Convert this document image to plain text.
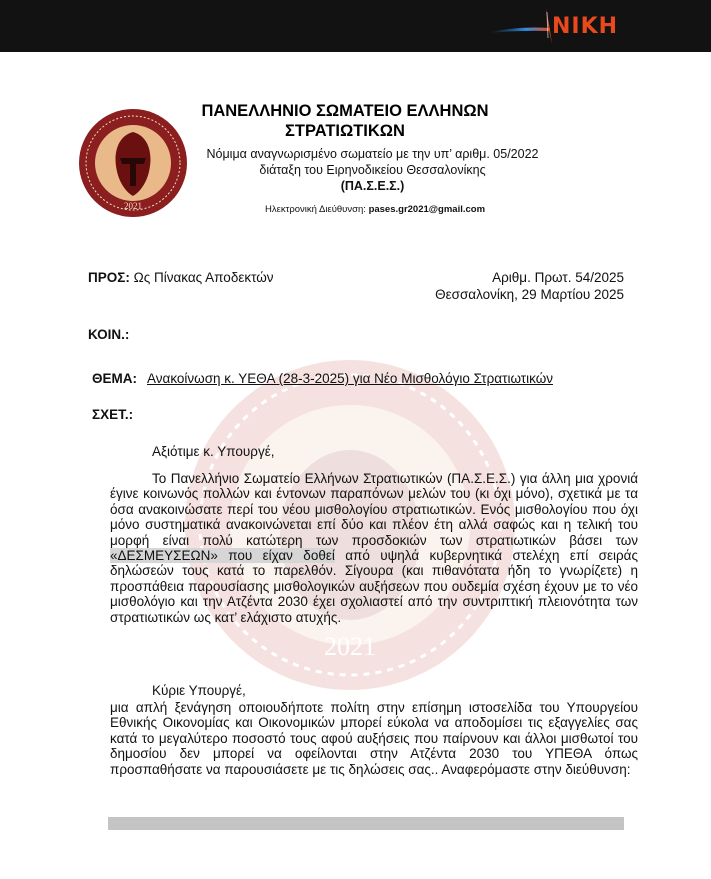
NIKH
2021
2021
ΠΑΝΕΛΛΗΝΙΟ ΣΩΜΑΤΕΙΟ ΕΛΛΗΝΩΝ ΣΤΡΑΤΙΩΤΙΚΩΝ
Νόμιμα αναγνωρισμένο σωματείο με την υπ’ αριθμ. 05/2022
διάταξη του Ειρηνοδικείου Θεσσαλονίκης
(ΠΑ.Σ.Ε.Σ.)
Ηλεκτρονική Διεύθυνση: pases.gr2021@gmail.com
ΠΡΟΣ: Ως Πίνακας Αποδεκτών	Αριθμ. Πρωτ. 54/2025
Θεσσαλονίκη, 29 Μαρτίου 2025
ΚΟΙΝ.:
ΘΕΜΑ: Ανακοίνωση κ. ΥΕΘΑ (28-3-2025) για Νέο Μισθολόγιο Στρατιωτικών
ΣΧΕΤ.:
Αξιότιμε κ. Υπουργέ,
Το Πανελλήνιο Σωματείο Ελλήνων Στρατιωτικών (ΠΑ.Σ.Ε.Σ.) για άλλη μια χρονιά έγινε κοινωνός πολλών και έντονων παραπόνων μελών του (κι όχι μόνο), σχετικά με τα όσα ανακοινώσατε περί του νέου μισθολογίου στρατιωτικών. Ενός μισθολογίου που όχι μόνο συστηματικά ανακοινώνεται επί δύο και πλέον έτη αλλά σαφώς και η τελική του μορφή είναι πολύ κατώτερη των προσδοκιών των στρατιωτικών βάσει των «ΔΕΣΜΕΥΣΕΩΝ» που είχαν δοθεί από υψηλά κυβερνητικά στελέχη επί σειράς δηλώσεών τους κατά το παρελθόν. Σίγουρα (και πιθανότατα ήδη το γνωρίζετε) η προσπάθεια παρουσίασης μισθολογικών αυξήσεων που ουδεμία σχέση έχουν με το νέο μισθολόγιο και την Ατζέντα 2030 έχει σχολιαστεί από την συντριπτική πλειονότητα των στρατιωτικών ως κατ’ ελάχιστο ατυχής.
Κύριε Υπουργέ,
μια απλή ξενάγηση οποιουδήποτε πολίτη στην επίσημη ιστοσελίδα του Υπουργείου Εθνικής Οικονομίας και Οικονομικών μπορεί εύκολα να αποδομίσει τις εξαγγελίες σας κατά το μεγαλύτερο ποσοστό τους αφού αυξήσεις που παίρνουν και άλλοι μισθωτοί του δημοσίου δεν μπορεί να οφείλονται στην Ατζέντα 2030 του ΥΠΕΘΑ όπως προσπαθήσατε να παρουσιάσετε με τις δηλώσεις σας.. Αναφερόμαστε στην διεύθυνση:
